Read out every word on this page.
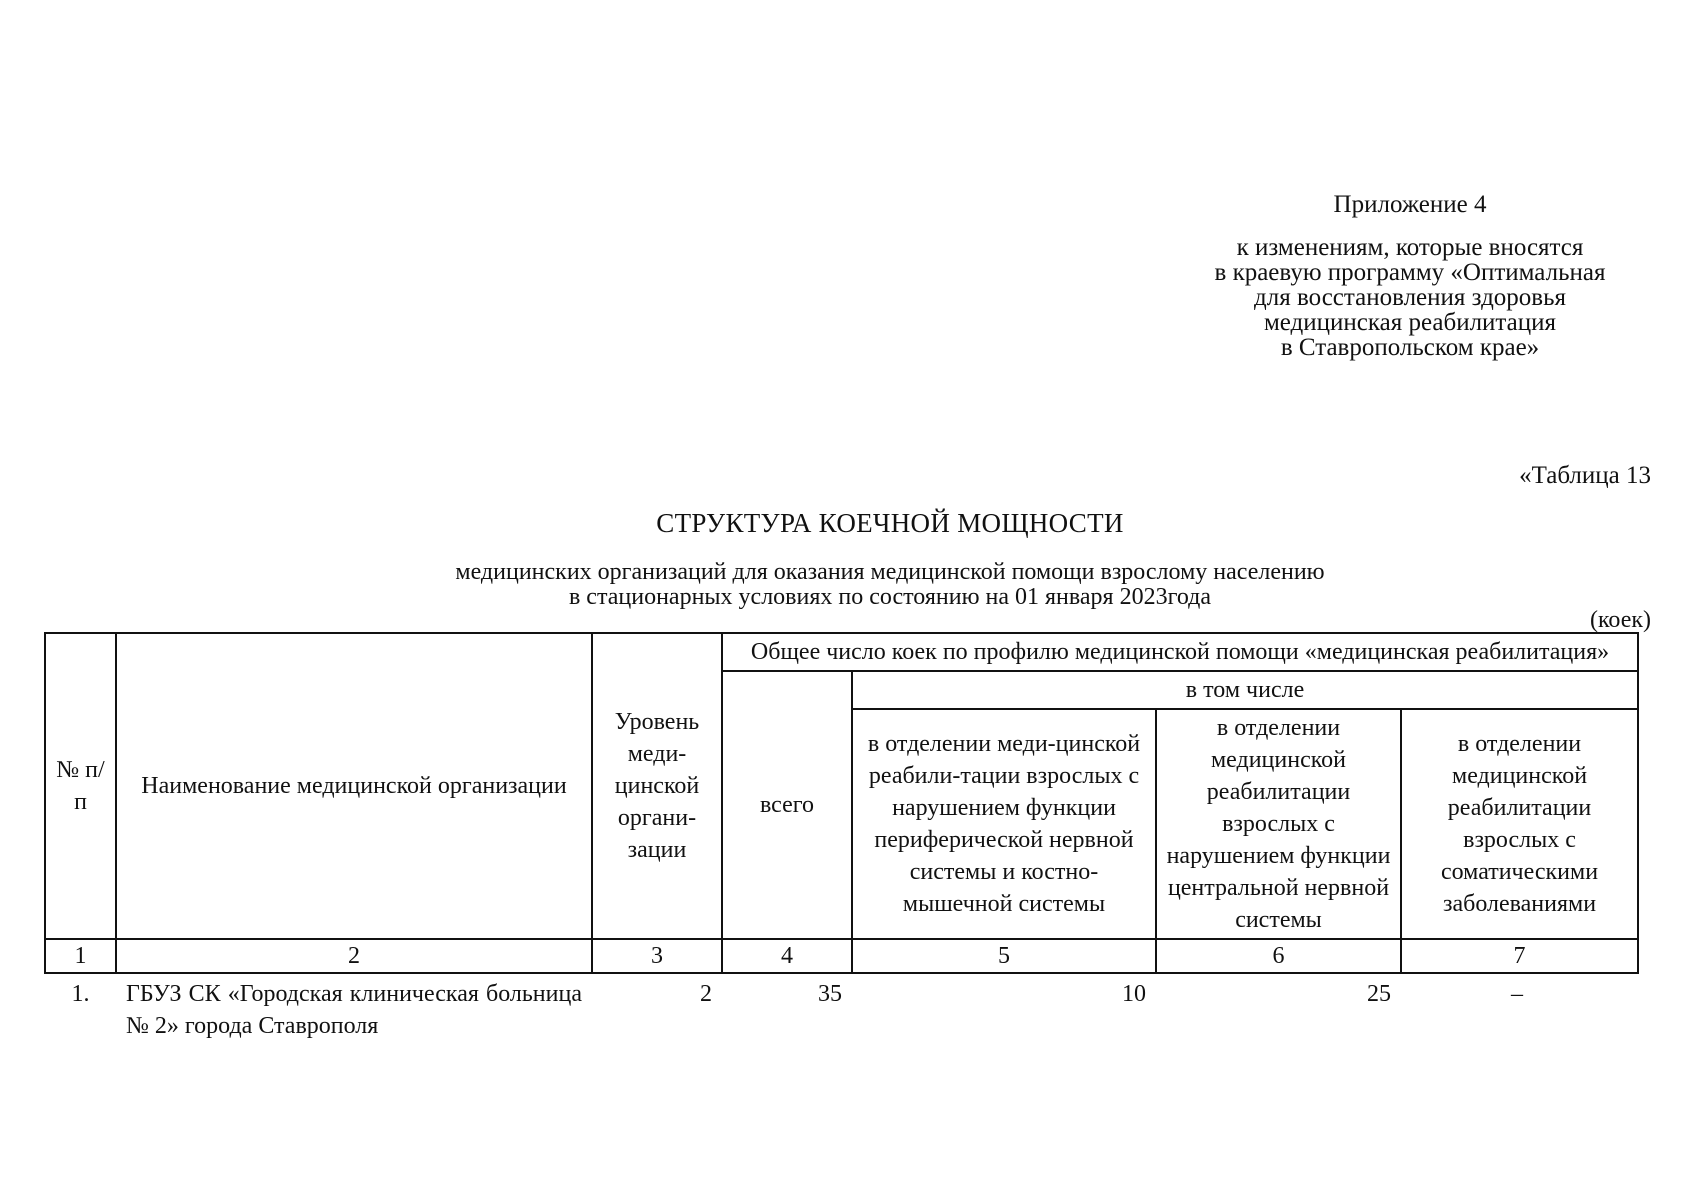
Приложение 4
к изменениям, которые вносятся
в краевую программу «Оптимальная
для восстановления здоровья
медицинская реабилитация
в Ставропольском крае»
«Таблица 13
СТРУКТУРА КОЕЧНОЙ МОЩНОСТИ
медицинских организаций для оказания медицинской помощи взрослому населению
в стационарных условиях по состоянию на 01 января 2023года
(коек)
№ п/п	Наименование медицинской организации	Уровень меди-цинской органи-зации	Общее число коек по профилю медицинской помощи «медицинская реабилитация»			
			всего	в том числе		
				в отделении меди-цинской реабили-тации взрослых с нарушением функции периферической нервной системы и костно-мышечной системы	в отделении медицинской реабилитации взрослых с нарушением функции центральной нервной системы	в отделении медицинской реабилитации взрослых с соматическими заболеваниями
1	2	3	4	5	6	7
1.	ГБУЗ СК «Городская клиническая больница № 2» города Ставрополя	2	35	10	25	–
